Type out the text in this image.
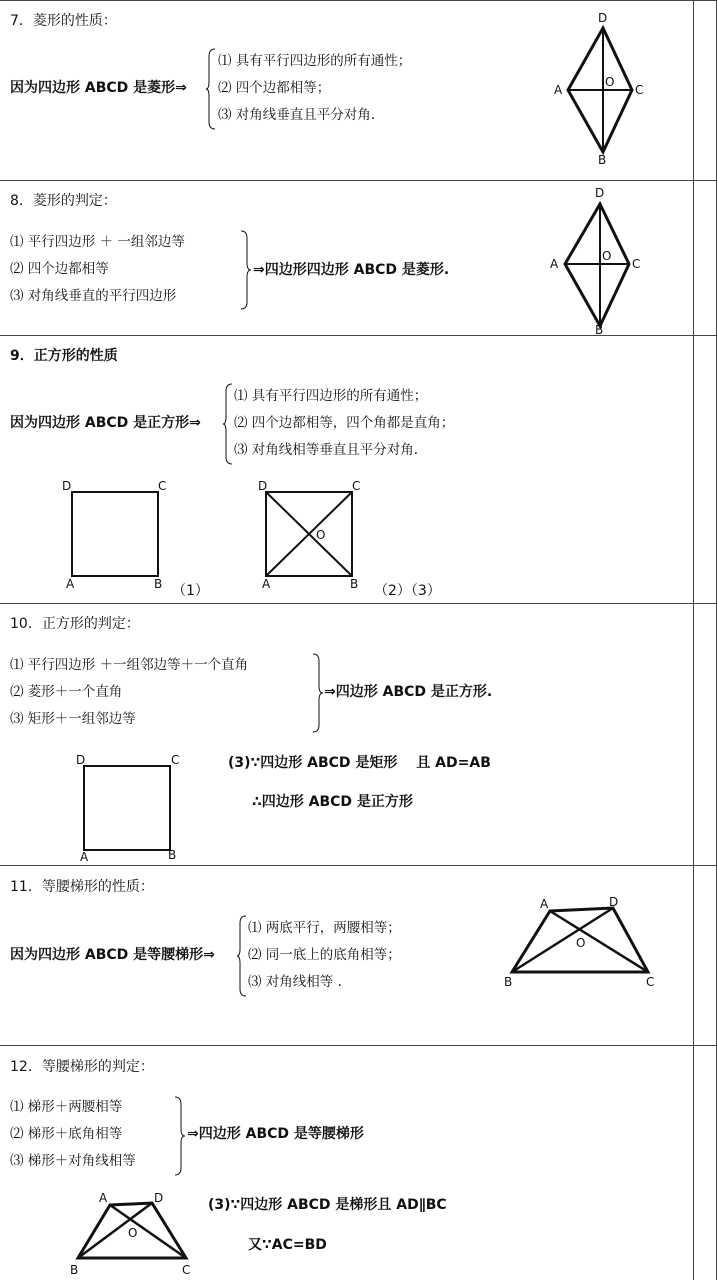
7．菱形的性质：
因为四边形 ABCD 是菱形⇒
⑴ 具有平行四边形的所有通性；
⑵ 四个边都相等；
⑶ 对角线垂直且平分对角.
D
A	C
B
O
8．菱形的判定：
⑴ 平行四边形 ＋ 一组邻边等
⑵ 四个边都相等
⑶ 对角线垂直的平行四边形
⇒四边形四边形 ABCD 是菱形.
D
A	C
B
O
9．正方形的性质
因为四边形 ABCD 是正方形⇒
⑴ 具有平行四边形的所有通性；
⑵ 四个边都相等，四个角都是直角；
⑶ 对角线相等垂直且平分对角.
D	C
A	B （1）
D	C
A	B
O
（2）（3）
10．正方形的判定：
⑴ 平行四边形 ＋一组邻边等＋一个直角
⑵ 菱形＋一个直角
⑶ 矩形＋一组邻边等
⇒四边形 ABCD 是正方形.
D	C
A	B
(3)∵四边形 ABCD 是矩形　 且 AD=AB
∴四边形 ABCD 是正方形
11．等腰梯形的性质：
因为四边形 ABCD 是等腰梯形⇒
⑴ 两底平行，两腰相等；
⑵ 同一底上的底角相等；
⑶ 对角线相等 .
A	D
B	C
O
12．等腰梯形的判定：
⑴ 梯形＋两腰相等
⑵ 梯形＋底角相等
⑶ 梯形＋对角线相等
⇒四边形 ABCD 是等腰梯形
A	D
B	C
O
(3)∵四边形 ABCD 是梯形且 AD∥BC
又∵AC=BD
